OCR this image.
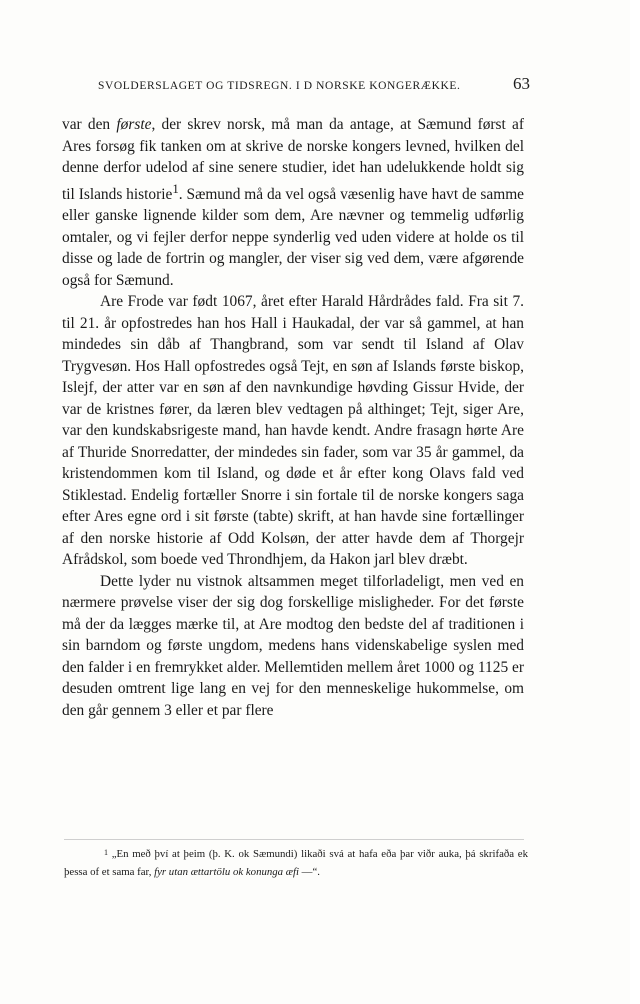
SVOLDERSLAGET OG TIDSREGN. I D NORSKE KONGERÆKKE.	63

var den første, der skrev norsk, må man da antage, at Sæmund først af Ares forsøg fik tanken om at skrive de norske kongers levned, hvilken del denne derfor udelod af sine senere studier, idet han udelukkende holdt sig til Islands historie$^1$. Sæmund må da vel også væsenlig have havt de samme eller ganske lignende kilder som dem, Are nævner og temmelig udførlig omtaler, og vi fejler derfor neppe synderlig ved uden videre at holde os til disse og lade de fortrin og mangler, der viser sig ved dem, være afgørende også for Sæmund.

Are Frode var født 1067, året efter Harald Hårdrådes fald. Fra sit 7. til 21. år opfostredes han hos Hall i Haukadal, der var så gammel, at han mindedes sin dåb af Thangbrand, som var sendt til Island af Olav Trygvesøn. Hos Hall opfostredes også Tejt, en søn af Islands første biskop, Islejf, der atter var en søn af den navnkundige høvding Gissur Hvide, der var de kristnes fører, da læren blev vedtagen på althinget; Tejt, siger Are, var den kundskabsrigeste mand, han havde kendt. Andre frasagn hørte Are af Thuride Snorredatter, der mindedes sin fader, som var 35 år gammel, da kristendommen kom til Island, og døde et år efter kong Olavs fald ved Stiklestad. Endelig fortæller Snorre i sin fortale til de norske kongers saga efter Ares egne ord i sit første (tabte) skrift, at han havde sine fortællinger af den norske historie af Odd Kolsøn, der atter havde dem af Thorgejr Afrådskol, som boede ved Throndhjem, da Hakon jarl blev dræbt.

Dette lyder nu vistnok altsammen meget tilforladeligt, men ved en nærmere prøvelse viser der sig dog forskellige misligheder. For det første må der da lægges mærke til, at Are modtog den bedste del af traditionen i sin barndom og første ungdom, medens hans videnskabelige syslen med den falder i en fremrykket alder. Mellemtiden mellem året 1000 og 1125 er desuden omtrent lige lang en vej for den menneskelige hukommelse, om den går gennem 3 eller et par flere

1 „En með því at þeim (þ. K. ok Sæmundi) likaði svá at hafa eða þar viðr auka, þá skrifaða ek þessa of et sama far, fyr utan ættartölu ok konunga æfi —“.
